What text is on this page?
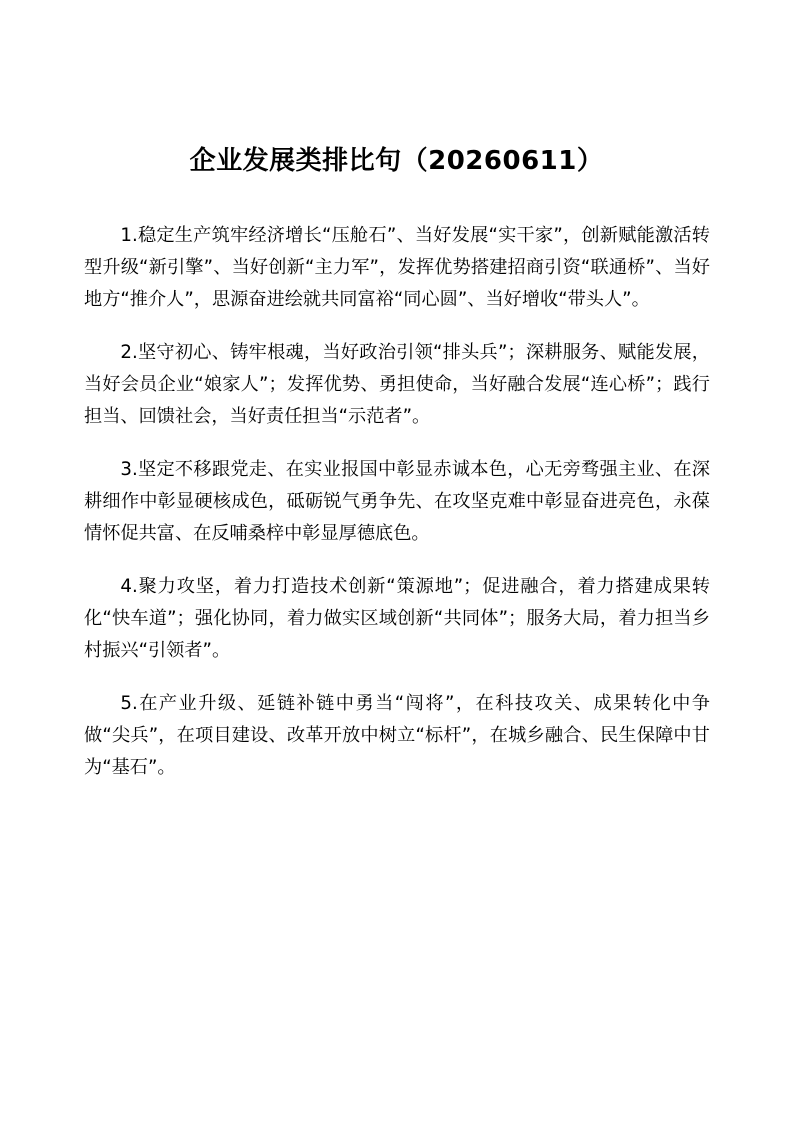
企业发展类排比句（20260611）

1.稳定生产筑牢经济增长“压舱石”、当好发展“实干家”，创新赋能激活转型升级“新引擎”、当好创新“主力军”，发挥优势搭建招商引资“联通桥”、当好地方“推介人”，思源奋进绘就共同富裕“同心圆”、当好增收“带头人”。

2.坚守初心、铸牢根魂，当好政治引领“排头兵”；深耕服务、赋能发展，当好会员企业“娘家人”；发挥优势、勇担使命，当好融合发展“连心桥”；践行担当、回馈社会，当好责任担当“示范者”。

3.坚定不移跟党走、在实业报国中彰显赤诚本色，心无旁骛强主业、在深耕细作中彰显硬核成色，砥砺锐气勇争先、在攻坚克难中彰显奋进亮色，永葆情怀促共富、在反哺桑梓中彰显厚德底色。

4.聚力攻坚，着力打造技术创新“策源地”；促进融合，着力搭建成果转化“快车道”；强化协同，着力做实区域创新“共同体”；服务大局，着力担当乡村振兴“引领者”。

5.在产业升级、延链补链中勇当“闯将”，在科技攻关、成果转化中争做“尖兵”，在项目建设、改革开放中树立“标杆”，在城乡融合、民生保障中甘为“基石”。
